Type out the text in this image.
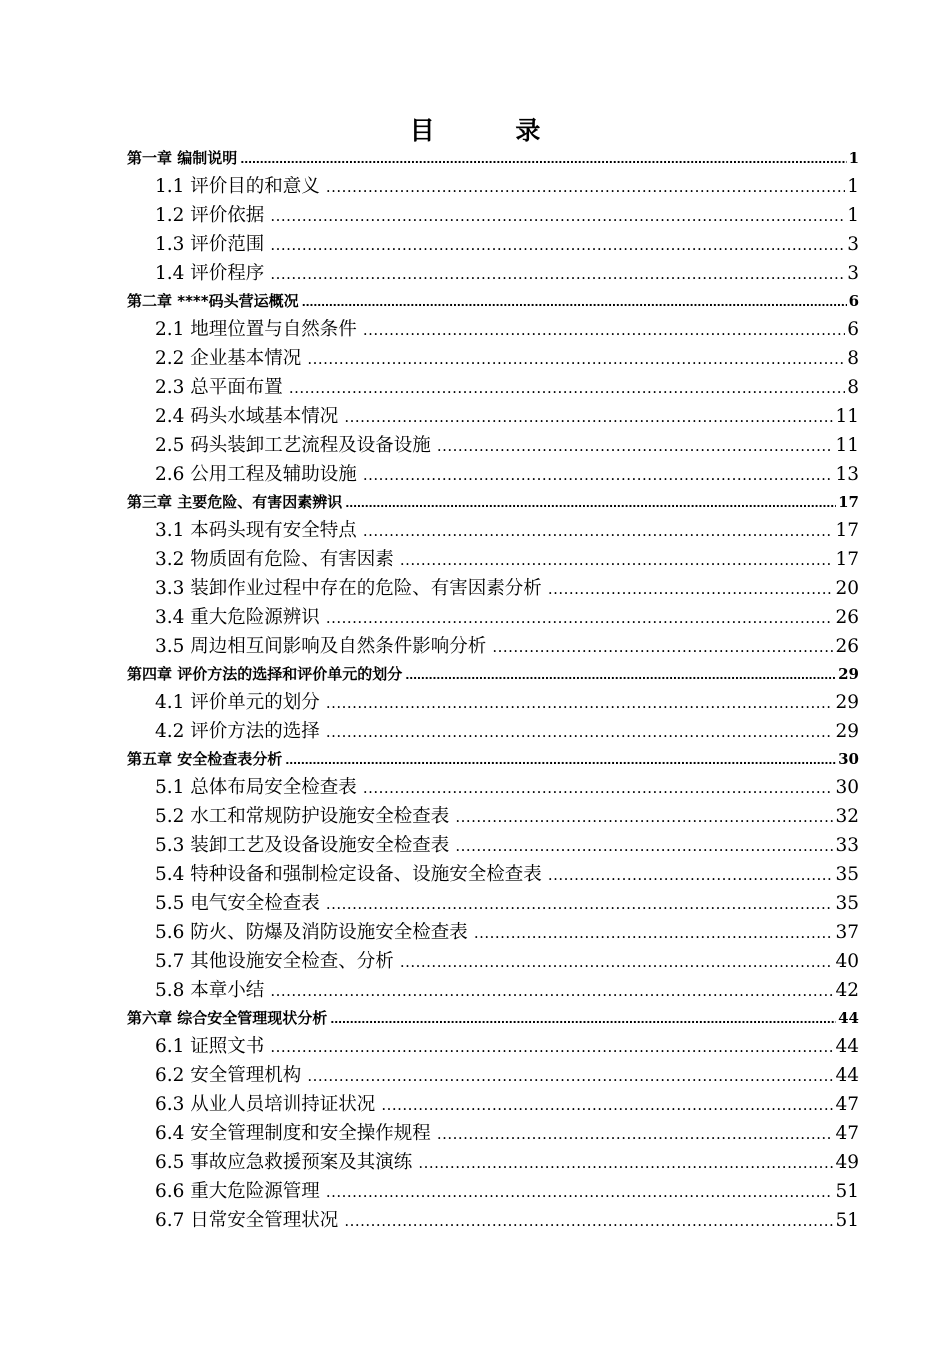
目 录
第一章 编制说明 .....	1
1.1 评价目的和意义 .....	1
1.2 评价依据 .....	1
1.3 评价范围 .....	3
1.4 评价程序 .....	3
第二章 ****码头营运概况 .....	6
2.1 地理位置与自然条件 .....	6
2.2 企业基本情况 .....	8
2.3 总平面布置 .....	8
2.4 码头水域基本情况 .....	11
2.5 码头装卸工艺流程及设备设施 .....	11
2.6 公用工程及辅助设施 .....	13
第三章 主要危险、有害因素辨识 .....	17
3.1 本码头现有安全特点 .....	17
3.2 物质固有危险、有害因素 .....	17
3.3 装卸作业过程中存在的危险、有害因素分析 .....	20
3.4 重大危险源辨识 .....	26
3.5 周边相互间影响及自然条件影响分析 .....	26
第四章 评价方法的选择和评价单元的划分 .....	29
4.1 评价单元的划分 .....	29
4.2 评价方法的选择 .....	29
第五章 安全检查表分析 .....	30
5.1 总体布局安全检查表 .....	30
5.2 水工和常规防护设施安全检查表 .....	32
5.3 装卸工艺及设备设施安全检查表 .....	33
5.4 特种设备和强制检定设备、设施安全检查表 .....	35
5.5 电气安全检查表 .....	35
5.6 防火、防爆及消防设施安全检查表 .....	37
5.7 其他设施安全检查、分析 .....	40
5.8 本章小结 .....	42
第六章 综合安全管理现状分析 .....	44
6.1 证照文书 .....	44
6.2 安全管理机构 .....	44
6.3 从业人员培训持证状况 .....	47
6.4 安全管理制度和安全操作规程 .....	47
6.5 事故应急救援预案及其演练 .....	49
6.6 重大危险源管理 .....	51
6.7 日常安全管理状况 .....	51
